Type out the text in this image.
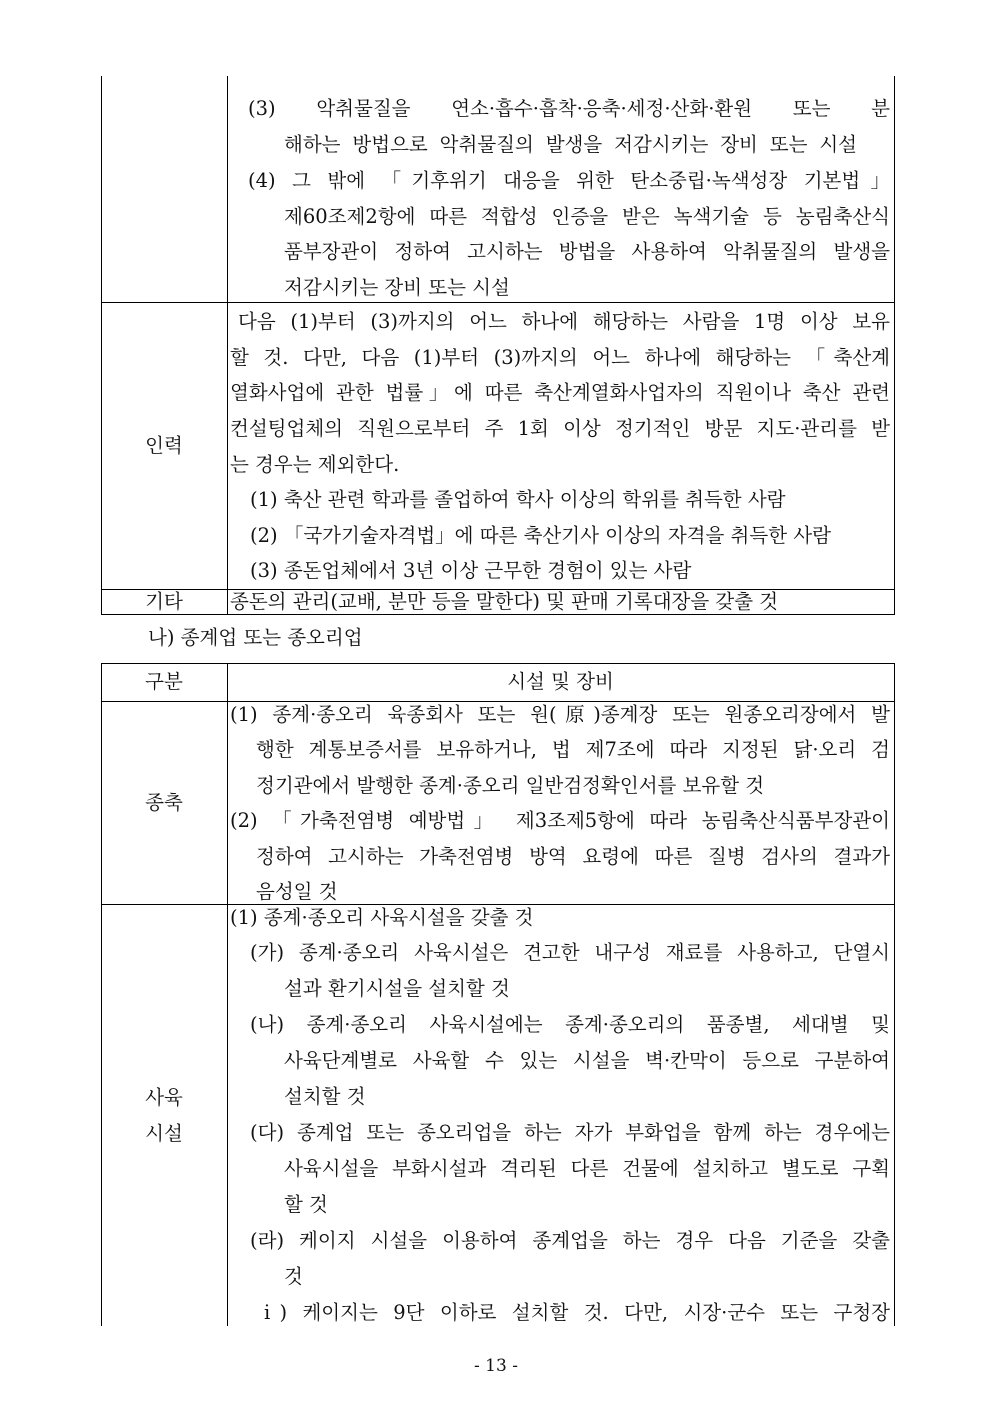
(3) 악취물질을 연소·흡수·흡착·응축·세정·산화·환원 또는 분
해하는 방법으로 악취물질의 발생을 저감시키는 장비 또는 시설
(4) 그 밖에 「기후위기 대응을 위한 탄소중립·녹색성장 기본법」
제60조제2항에 따른 적합성 인증을 받은 녹색기술 등 농림축산식
품부장관이 정하여 고시하는 방법을 사용하여 악취물질의 발생을
저감시키는 장비 또는 시설
인력
다음 (1)부터 (3)까지의 어느 하나에 해당하는 사람을 1명 이상 보유
할 것. 다만, 다음 (1)부터 (3)까지의 어느 하나에 해당하는 「축산계
열화사업에 관한 법률」에 따른 축산계열화사업자의 직원이나 축산 관련
컨설팅업체의 직원으로부터 주 1회 이상 정기적인 방문 지도·관리를 받
는 경우는 제외한다.
(1) 축산 관련 학과를 졸업하여 학사 이상의 학위를 취득한 사람
(2) 「국가기술자격법」에 따른 축산기사 이상의 자격을 취득한 사람
(3) 종돈업체에서 3년 이상 근무한 경험이 있는 사람
기타	종돈의 관리(교배, 분만 등을 말한다) 및 판매 기록대장을 갖출 것
나) 종계업 또는 종오리업
구분	시설 및 장비
종축
(1) 종계·종오리 육종회사 또는 원(原)종계장 또는 원종오리장에서 발
행한 계통보증서를 보유하거나, 법 제7조에 따라 지정된 닭·오리 검
정기관에서 발행한 종계·종오리 일반검정확인서를 보유할 것
(2) 「가축전염병 예방법」 제3조제5항에 따라 농림축산식품부장관이
정하여 고시하는 가축전염병 방역 요령에 따른 질병 검사의 결과가
음성일 것
사육
시설
(1) 종계·종오리 사육시설을 갖출 것
(가) 종계·종오리 사육시설은 견고한 내구성 재료를 사용하고, 단열시
설과 환기시설을 설치할 것
(나) 종계·종오리 사육시설에는 종계·종오리의 품종별, 세대별 및
사육단계별로 사육할 수 있는 시설을 벽·칸막이 등으로 구분하여
설치할 것
(다) 종계업 또는 종오리업을 하는 자가 부화업을 함께 하는 경우에는
사육시설을 부화시설과 격리된 다른 건물에 설치하고 별도로 구획
할 것
(라) 케이지 시설을 이용하여 종계업을 하는 경우 다음 기준을 갖출
것
ⅰ) 케이지는 9단 이하로 설치할 것. 다만, 시장·군수 또는 구청장
- 13 -
